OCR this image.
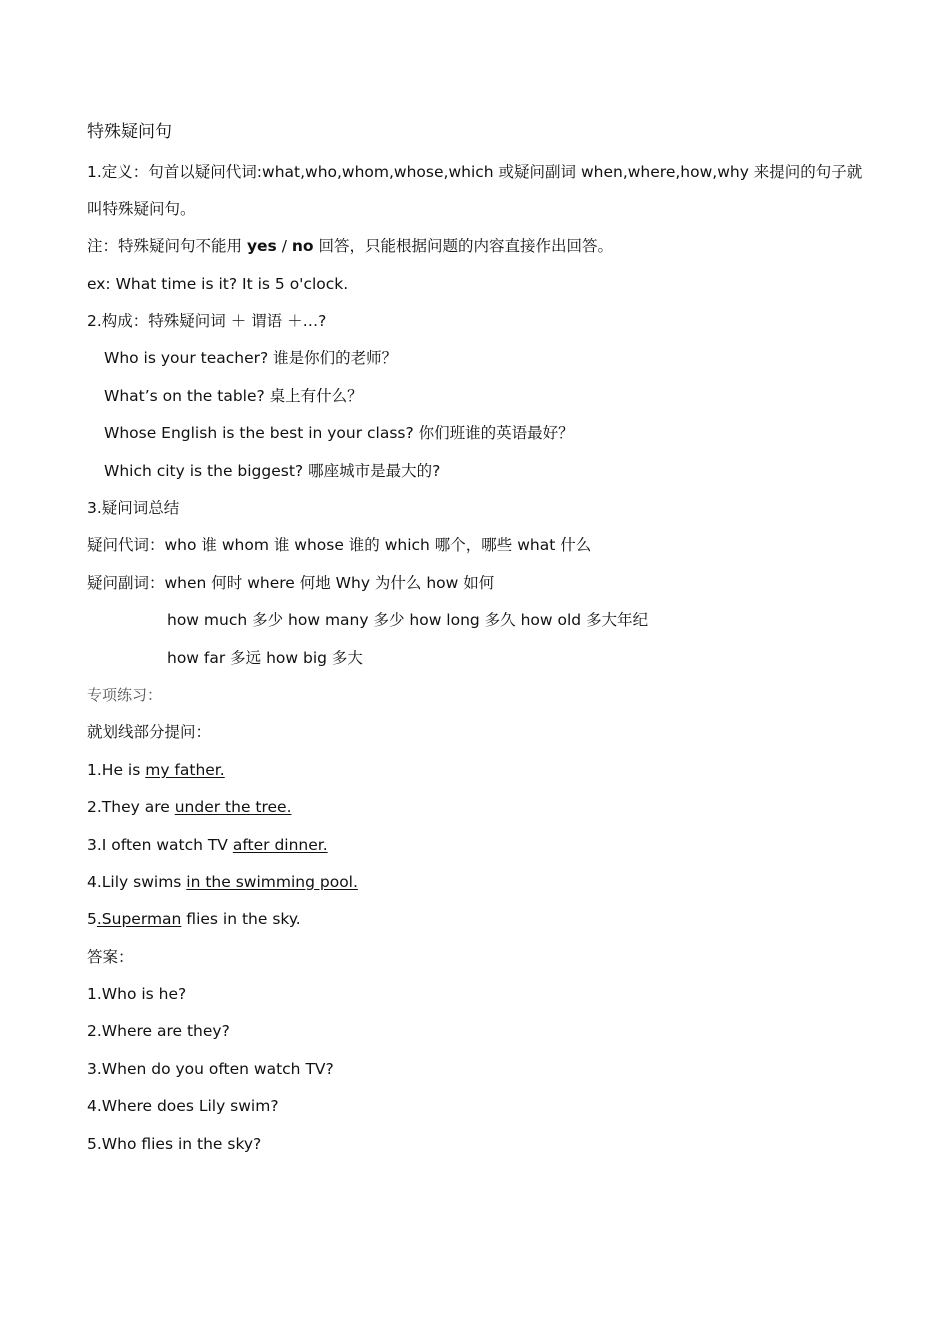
特殊疑问句
1.定义：句首以疑问代词:what,who,whom,whose,which 或疑问副词 when,where,how,why 来提问的句子就
叫特殊疑问句。
注：特殊疑问句不能用 yes / no 回答，只能根据问题的内容直接作出回答。
ex: What time is it? It is 5 o'clock.
2.构成：特殊疑问词 ＋ 谓语 ＋…?
Who is your teacher? 谁是你们的老师？
What’s on the table? 桌上有什么？
Whose English is the best in your class? 你们班谁的英语最好？
Which city is the biggest? 哪座城市是最大的?
3.疑问词总结
疑问代词：who 谁 whom 谁 whose 谁的 which 哪个，哪些 what 什么
疑问副词：when 何时 where 何地 Why 为什么 how 如何
how much 多少 how many 多少 how long 多久 how old 多大年纪
how far 多远 how big 多大
专项练习：
就划线部分提问：
1.He is my father.
2.They are under the tree.
3.I often watch TV after dinner.
4.Lily swims in the swimming pool.
5.Superman flies in the sky.
答案：
1.Who is he?
2.Where are they?
3.When do you often watch TV?
4.Where does Lily swim?
5.Who flies in the sky?
